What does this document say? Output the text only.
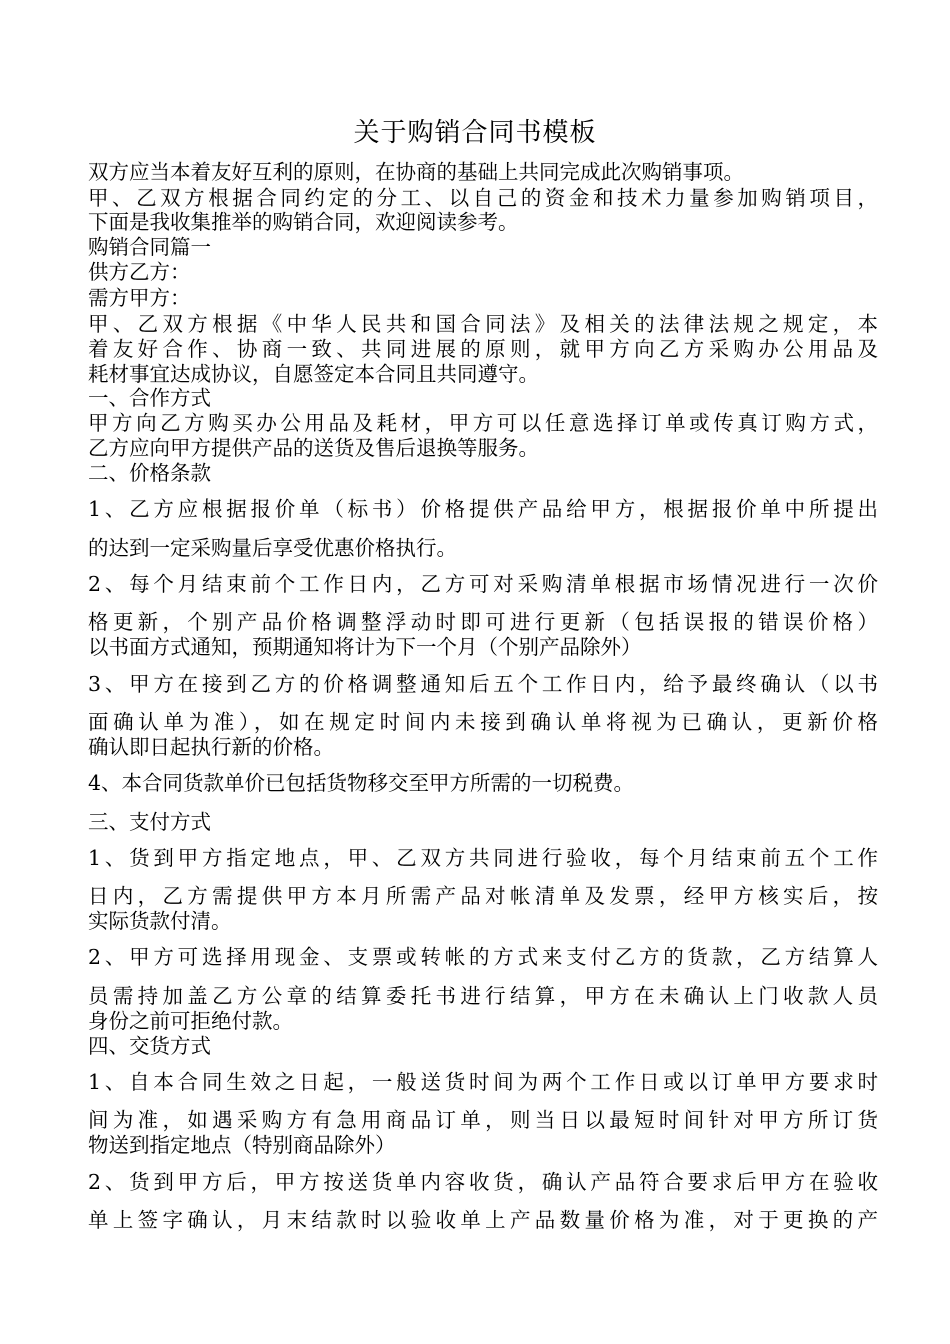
关于购销合同书模板
双方应当本着友好互利的原则，在协商的基础上共同完成此次购销事项。
甲、乙双方根据合同约定的分工、以自己的资金和技术力量参加购销项目，
下面是我收集推举的购销合同，欢迎阅读参考。
购销合同篇一
供方乙方：
需方甲方：
甲、乙双方根据《中华人民共和国合同法》及相关的法律法规之规定，本
着友好合作、协商一致、共同进展的原则，就甲方向乙方采购办公用品及
耗材事宜达成协议，自愿签定本合同且共同遵守。
一、合作方式
甲方向乙方购买办公用品及耗材，甲方可以任意选择订单或传真订购方式，
乙方应向甲方提供产品的送货及售后退换等服务。
二、价格条款
1、乙方应根据报价单（标书）价格提供产品给甲方，根据报价单中所提出
的达到一定采购量后享受优惠价格执行。
2、每个月结束前个工作日内，乙方可对采购清单根据市场情况进行一次价
格更新，个别产品价格调整浮动时即可进行更新（包括误报的错误价格）
以书面方式通知，预期通知将计为下一个月（个别产品除外）
3、甲方在接到乙方的价格调整通知后五个工作日内，给予最终确认（以书
面确认单为准），如在规定时间内未接到确认单将视为已确认，更新价格
确认即日起执行新的价格。
4、本合同货款单价已包括货物移交至甲方所需的一切税费。
三、支付方式
1、货到甲方指定地点，甲、乙双方共同进行验收，每个月结束前五个工作
日内，乙方需提供甲方本月所需产品对帐清单及发票，经甲方核实后，按
实际货款付清。
2、甲方可选择用现金、支票或转帐的方式来支付乙方的货款，乙方结算人
员需持加盖乙方公章的结算委托书进行结算，甲方在未确认上门收款人员
身份之前可拒绝付款。
四、交货方式
1、自本合同生效之日起，一般送货时间为两个工作日或以订单甲方要求时
间为准，如遇采购方有急用商品订单，则当日以最短时间针对甲方所订货
物送到指定地点（特别商品除外）
2、货到甲方后，甲方按送货单内容收货，确认产品符合要求后甲方在验收
单上签字确认，月末结款时以验收单上产品数量价格为准，对于更换的产
